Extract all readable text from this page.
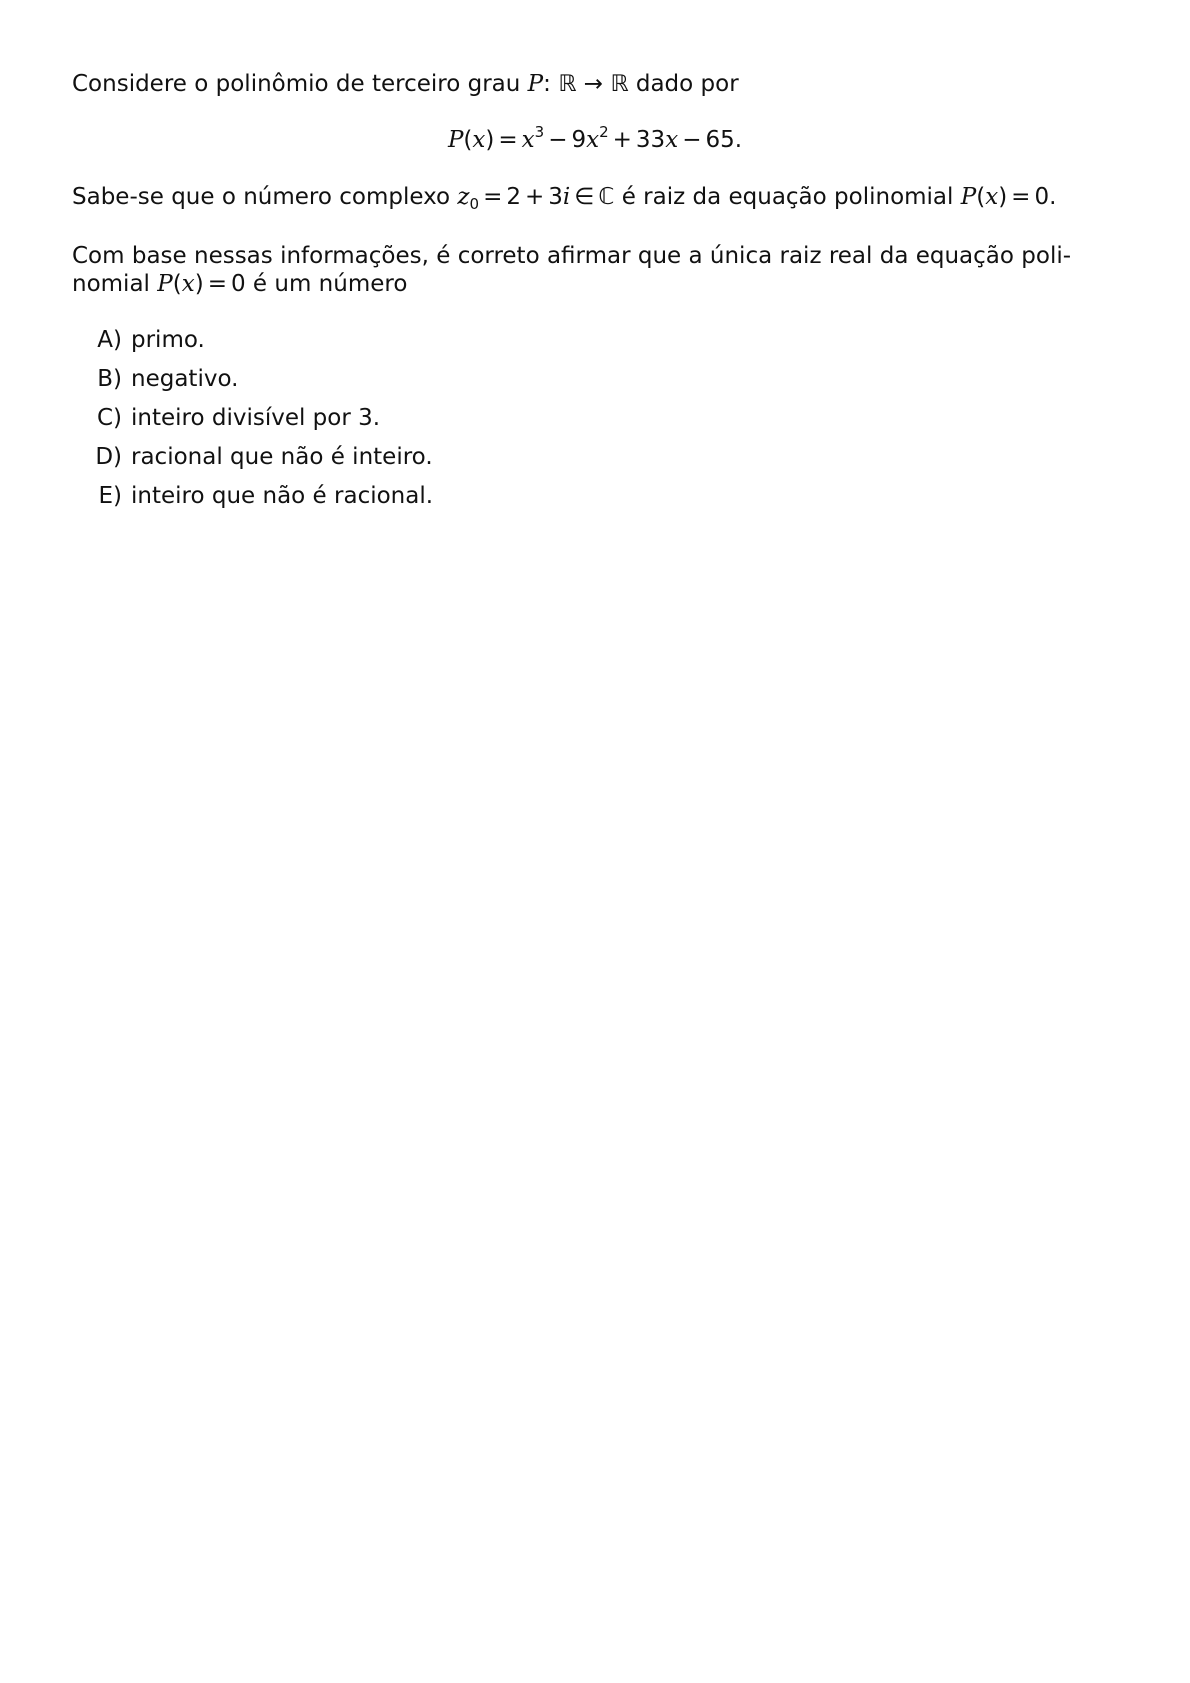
Considere o polinômio de terceiro grau P: ℝ → ℝ dado por
$P(x) = x^3 - 9x^2 + 33x - 65$.
Sabe-se que o número complexo $z_0 = 2 + 3i$ ∈ ℂ é raiz da equação polinomial P(x) = 0.
Com base nessas informações, é correto afirmar que a única raiz real da equação poli-
nomial P(x) = 0 é um número
A) primo.
B) negativo.
C) inteiro divisível por 3.
D) racional que não é inteiro.
E) inteiro que não é racional.
